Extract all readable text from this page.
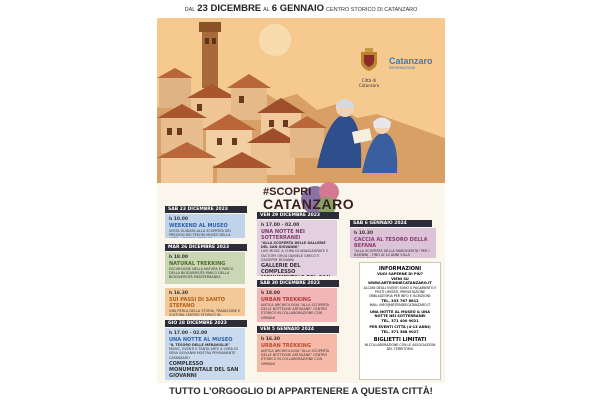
DAL 23 DICEMBRE AL 6 GENNAIO CENTRO STORICO DI CATANZARO
Città di Catanzaro
Catanzaro
INFORMAZIONI
#SCOPRI
CATANZARO
SAB 23 DICEMBRE 2023
h 10.00
WEEKEND AL MUSEO
VISITA GUIDATA ALLA SCOPERTA DEI PREZIOSI DEI TESORI MUSEO DELLA
MAR 26 DICEMBRE 2023
h 18.00
NATURAL TREKKING
ESCURSIONE NELLA NATURA E PARCO DELLA BIODIVERSITÀ PARCO DELLA BIODIVERSITÀ MEDITERRANEA
h 16.30
SUI PASSI DI SANTO STEFANO
UNA PERLA DELLA STORIA, TRADIZIONE E CULTURA CENTRO STORICO IN
GIO 28 DICEMBRE 2023
h 17.00 - 02.00
UNA NOTTE AL MUSEO
"IL TESORO DELLE MERAVIGLIE"
MUSIC, EVENTI E TANTA ARTE A CURA DI SERA GIOVANNI MOSTRA PERMANENTE CATANZARO
COMPLESSO MONUMENTALE DEL SAN GIOVANNI
VEN 29 DICEMBRE 2023
h 17.00 - 02.00
UNA NOTTE NEI SOTTERRANEI
"ALLA SCOPERTA DELLE GALLERIE DEL SAN GIOVANNI"
LIVE MUSIC A CURA DI ANASSAGRATE E FACTORY ORGA DANIELE GRECO E GIUSEPPE BOVANNI
GALLERIE DEL COMPLESSO
SAB 30 DICEMBRE 2023
h 18.00
URBAN TREKKING
ANTICA ARCHEOLOGIA "ALLA SCOPERTA DELLE BOTTEGHE ARTIGIANE" CENTRO STORICO IN COLLABORAZIONE CON URMANI
VEN 5 GENNAIO 2024
h 16.30
URBAN TREKKING
ANTICA ARCHEOLOGIA "ALLA SCOPERTA DELLE BOTTEGHE ARTIGIANE" CENTRO STORICO IN COLLABORAZIONE CON URMANI
SAB 6 GENNAIO 2024
h 10.30
CACCIA AL TESORO DELLA BEFANA
"ALLA SCOPERTA DELLA MARGHERITA" PER I BAMBINI - FINO AI 10 ANNI VILLA
INFORMAZIONI
VUOI SAPERNE DI PIÙ?
VIENI SU WWW.ARTEINDIECATANZARO.IT
ALCUNI DEGLI EVENTI SONO A PAGAMENTO E POSTI LIMITATI. PRENOTAZIONE OBBLIGATORIA PER INFO E ISCRIZIONI:
TEL. 333 767 8812
MAIL: INFO@ARTEINDIECATANZARO.IT
UNA NOTTE AL MUSEO & UNA NOTTE NEI SOTTERRANEI
TEL. 371 400 9021
PER EVENTI CITTÀ (4-13 ANNI)
TEL. 371 388 9027
BIGLIETTI LIMITATI
IN COLLABORAZIONE CON LE ASSOCIAZIONI DEL TERRITORIO
TUTTO L'ORGOGLIO DI APPARTENERE A QUESTA CITTÀ!
